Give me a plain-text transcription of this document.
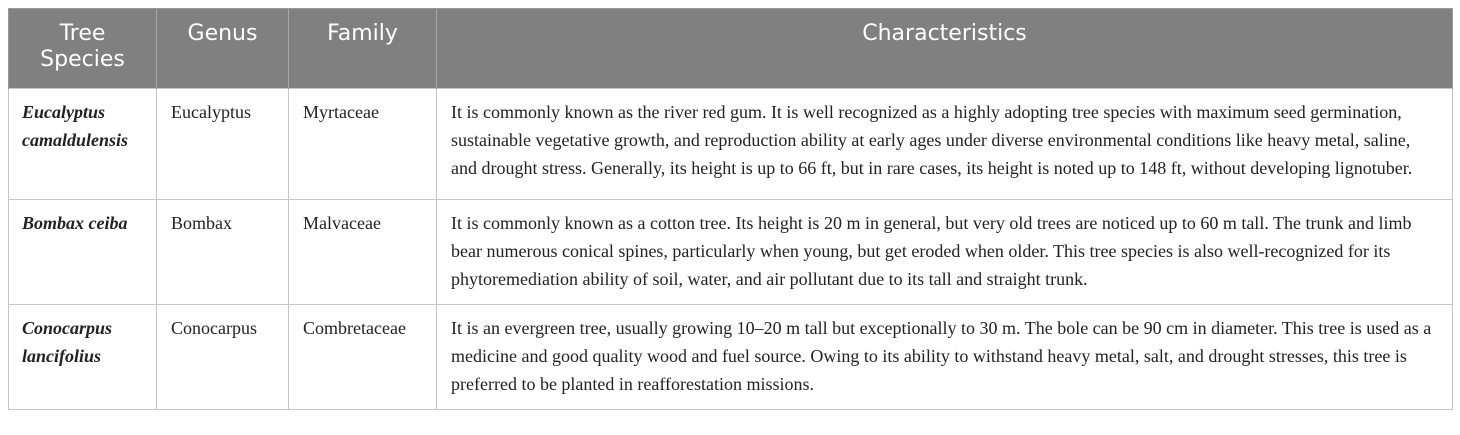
Tree Species	Genus	Family	Characteristics
Eucalyptus camaldulensis	Eucalyptus	Myrtaceae	It is commonly known as the river red gum. It is well recognized as a highly adopting tree species with maximum seed germination, sustainable vegetative growth, and reproduction ability at early ages under diverse environmental conditions like heavy metal, saline, and drought stress. Generally, its height is up to 66 ft, but in rare cases, its height is noted up to 148 ft, without developing lignotuber.
Bombax ceiba	Bombax	Malvaceae	It is commonly known as a cotton tree. Its height is 20 m in general, but very old trees are noticed up to 60 m tall. The trunk and limb bear numerous conical spines, particularly when young, but get eroded when older. This tree species is also well-recognized for its phytoremediation ability of soil, water, and air pollutant due to its tall and straight trunk.
Conocarpus lancifolius	Conocarpus	Combretaceae	It is an evergreen tree, usually growing 10–20 m tall but exceptionally to 30 m. The bole can be 90 cm in diameter. This tree is used as a medicine and good quality wood and fuel source. Owing to its ability to withstand heavy metal, salt, and drought stresses, this tree is preferred to be planted in reafforestation missions.
